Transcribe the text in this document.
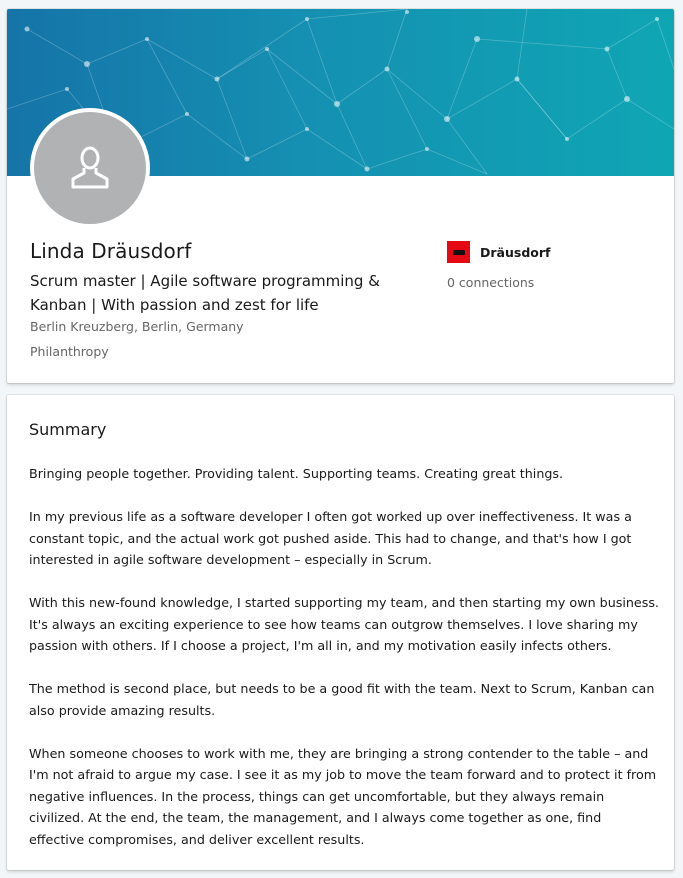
Linda Dräusdorf
Scrum master | Agile software programming & Kanban | With passion and zest for life
Berlin Kreuzberg, Berlin, Germany
Philanthropy
Dräusdorf
0 connections
Summary

Bringing people together. Providing talent. Supporting teams. Creating great things.

In my previous life as a software developer I often got worked up over ineffectiveness. It was a constant topic, and the actual work got pushed aside. This had to change, and that's how I got interested in agile software development – especially in Scrum.

With this new-found knowledge, I started supporting my team, and then starting my own business. It's always an exciting experience to see how teams can outgrow themselves. I love sharing my passion with others. If I choose a project, I'm all in, and my motivation easily infects others.

The method is second place, but needs to be a good fit with the team. Next to Scrum, Kanban can also provide amazing results.

When someone chooses to work with me, they are bringing a strong contender to the table – and I'm not afraid to argue my case. I see it as my job to move the team forward and to protect it from negative influences. In the process, things can get uncomfortable, but they always remain civilized. At the end, the team, the management, and I always come together as one, find effective compromises, and deliver excellent results.
